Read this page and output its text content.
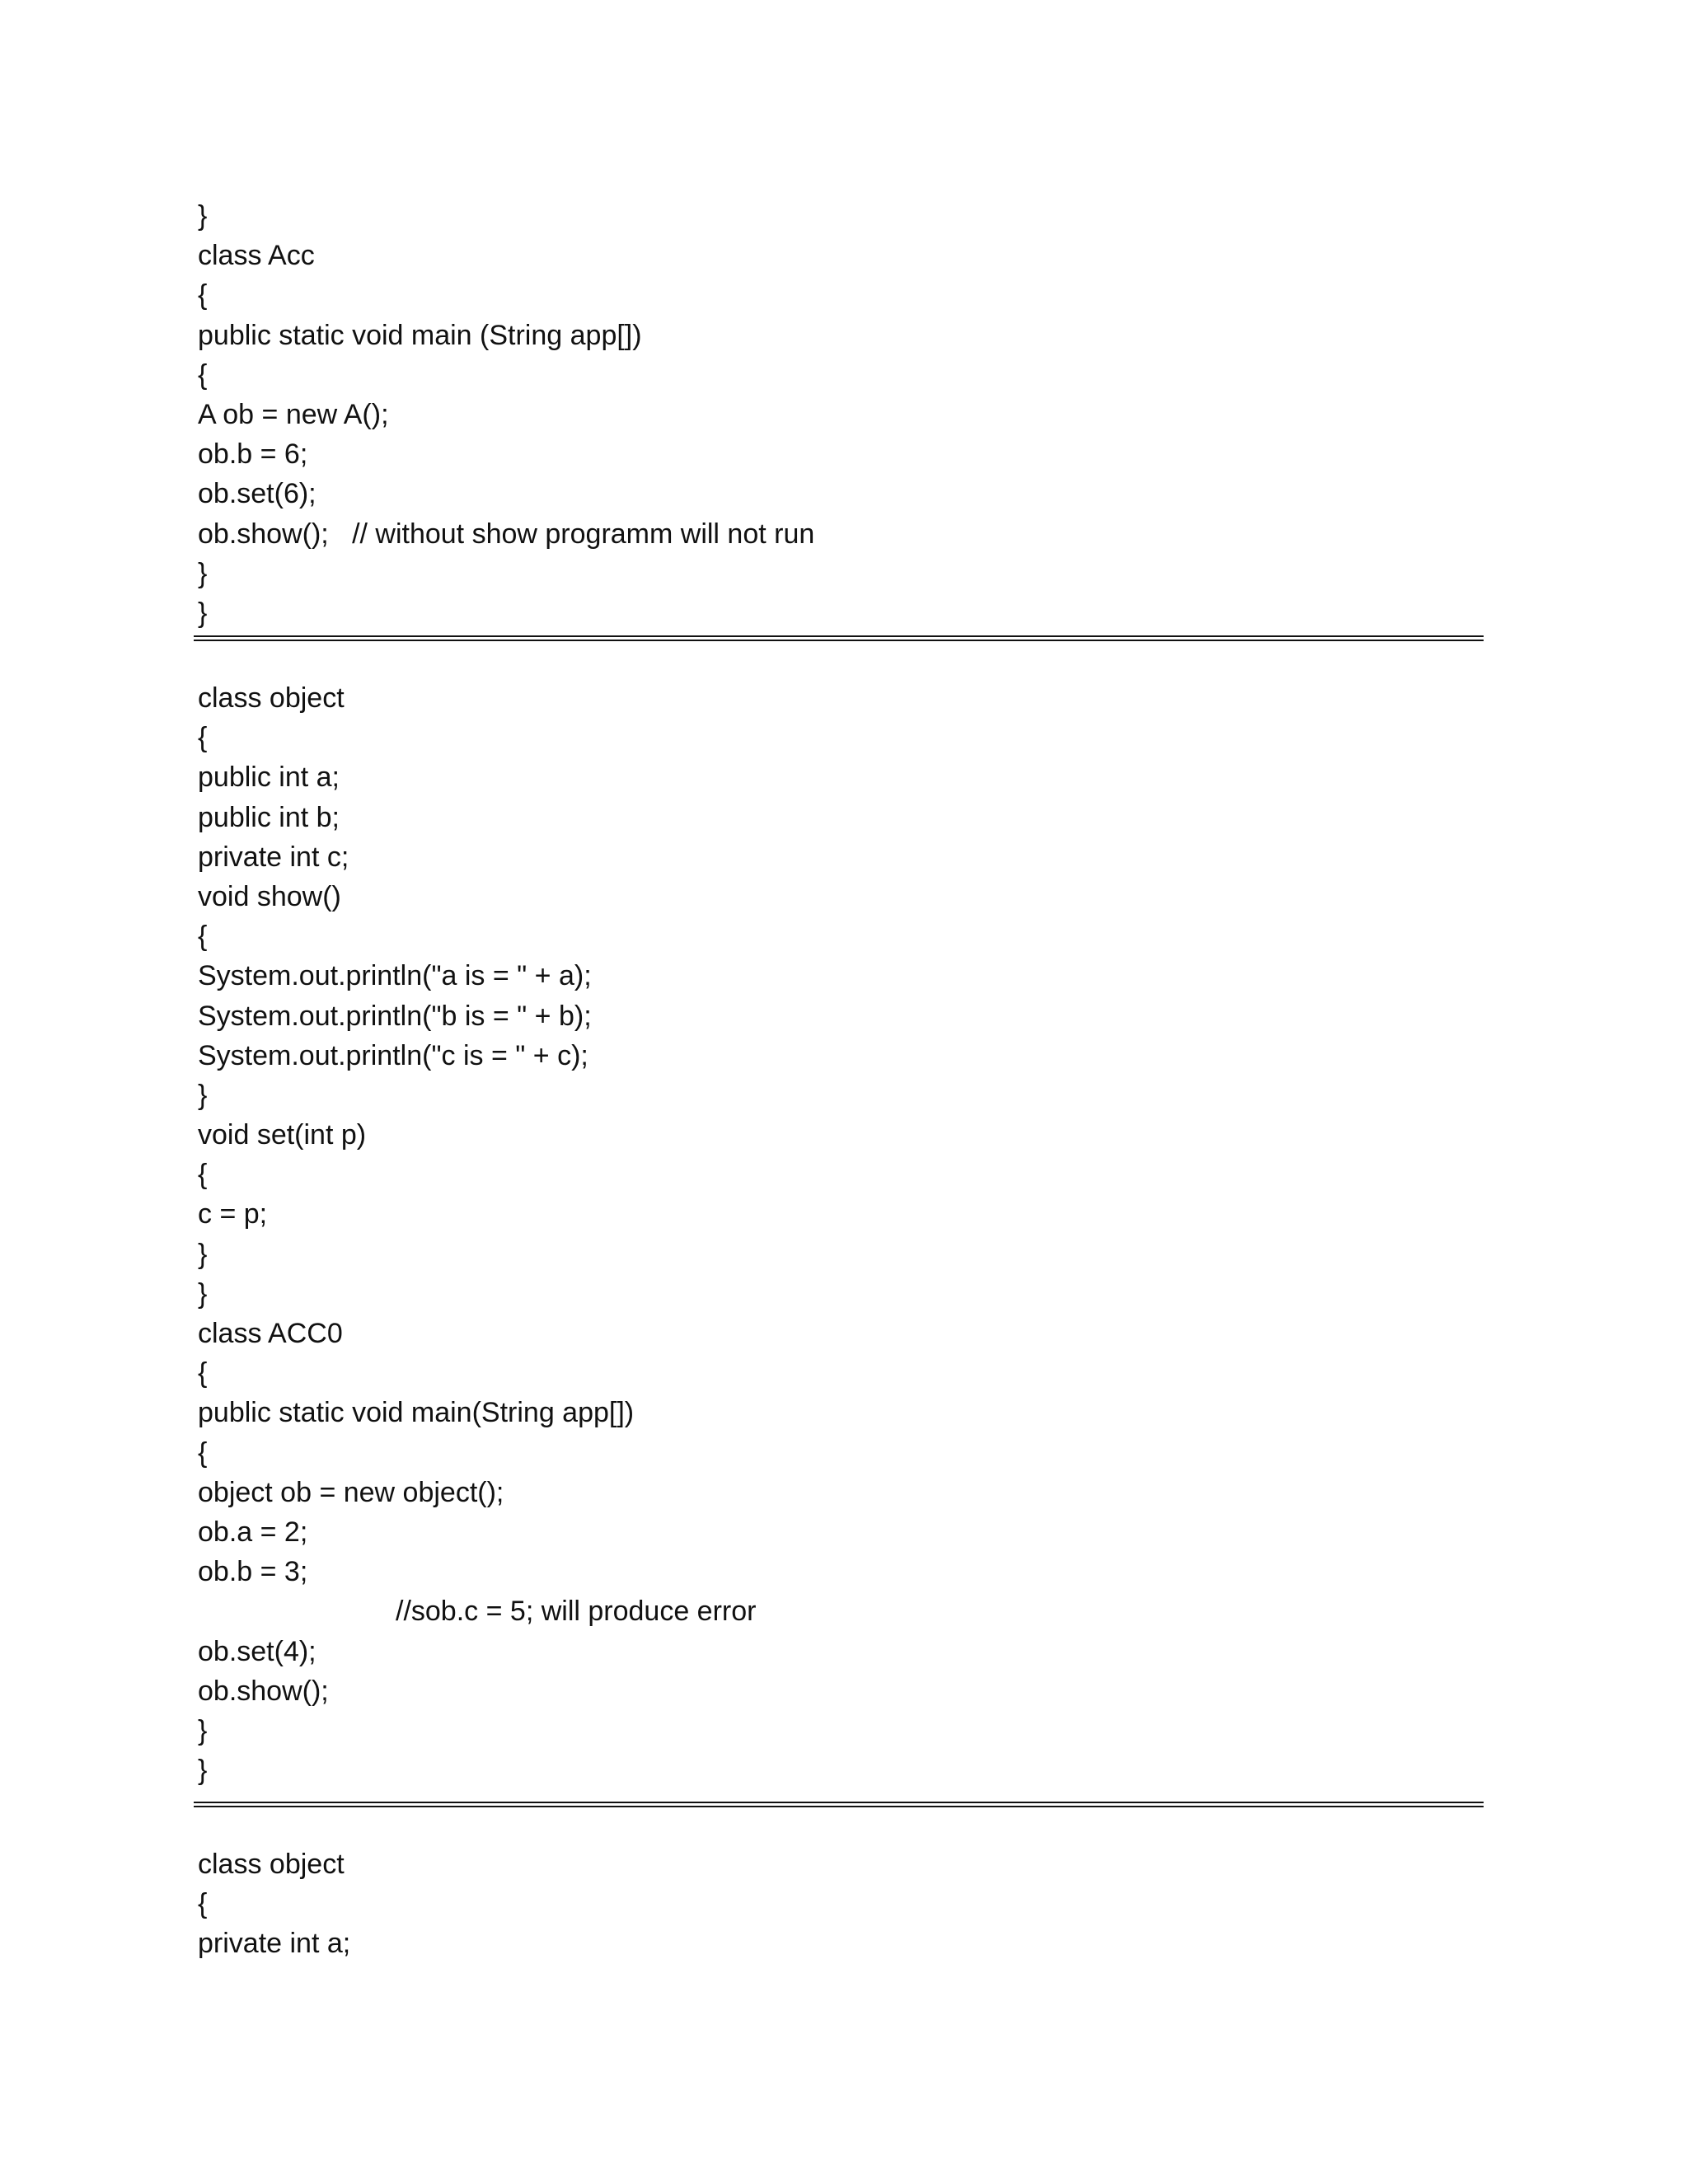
}
class Acc
{
public static void main (String app[])
{
A ob = new A();
ob.b = 6;
ob.set(6);
ob.show();   // without show programm will not run
}
}
class object
{
public int a;
public int b;
private int c;
void show()
{
System.out.println("a is = " + a);
System.out.println("b is = " + b);
System.out.println("c is = " + c);
}
void set(int p)
{
c = p;
}
}
class ACC0
{
public static void main(String app[])
{
object ob = new object();
ob.a = 2;
ob.b = 3;
//sob.c = 5; will produce error
ob.set(4);
ob.show();
}
}
class object
{
private int a;
